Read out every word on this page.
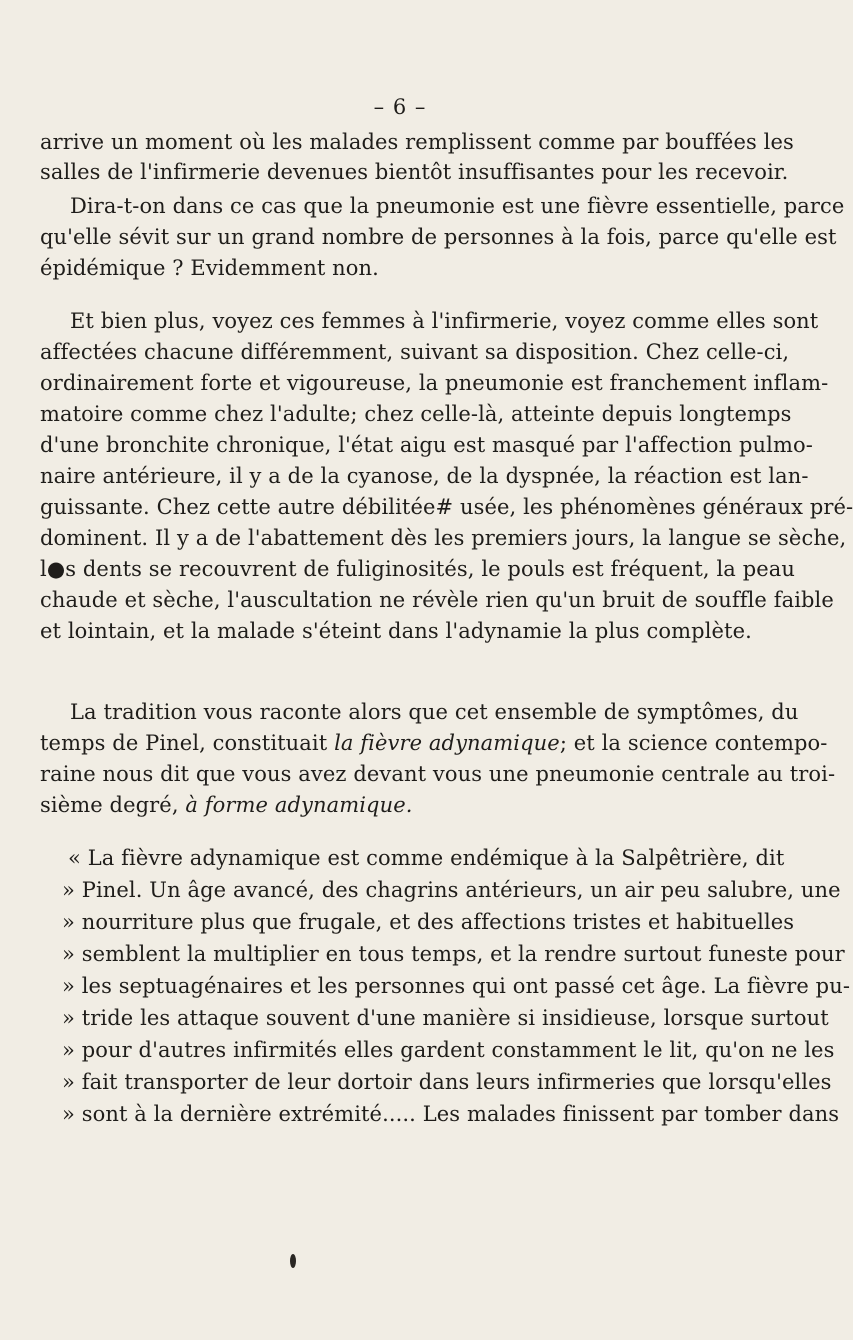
– 6 –
arrive un moment où les malades remplissent comme par bouffées les
salles de l'infirmerie devenues bientôt insuffisantes pour les recevoir.
Dira-t-on dans ce cas que la pneumonie est une fièvre essentielle, parce
qu'elle sévit sur un grand nombre de personnes à la fois, parce qu'elle est
épidémique ? Evidemment non.
Et bien plus, voyez ces femmes à l'infirmerie, voyez comme elles sont
affectées chacune différemment, suivant sa disposition. Chez celle-ci,
ordinairement forte et vigoureuse, la pneumonie est franchement inflam-
matoire comme chez l'adulte; chez celle-là, atteinte depuis longtemps
d'une bronchite chronique, l'état aigu est masqué par l'affection pulmo-
naire antérieure, il y a de la cyanose, de la dyspnée, la réaction est lan-
guissante. Chez cette autre débilitée# usée, les phénomènes généraux pré-
dominent. Il y a de l'abattement dès les premiers jours, la langue se sèche,
l●s dents se recouvrent de fuliginosités, le pouls est fréquent, la peau
chaude et sèche, l'auscultation ne révèle rien qu'un bruit de souffle faible
et lointain, et la malade s'éteint dans l'adynamie la plus complète.
La tradition vous raconte alors que cet ensemble de symptômes, du
temps de Pinel, constituait la fièvre adynamique; et la science contempo-
raine nous dit que vous avez devant vous une pneumonie centrale au troi-
sième degré, à forme adynamique.
« La fièvre adynamique est comme endémique à la Salpêtrière, dit
» Pinel. Un âge avancé, des chagrins antérieurs, un air peu salubre, une
» nourriture plus que frugale, et des affections tristes et habituelles
» semblent la multiplier en tous temps, et la rendre surtout funeste pour
» les septuagénaires et les personnes qui ont passé cet âge. La fièvre pu-
» tride les attaque souvent d'une manière si insidieuse, lorsque surtout
» pour d'autres infirmités elles gardent constamment le lit, qu'on ne les
» fait transporter de leur dortoir dans leurs infirmeries que lorsqu'elles
» sont à la dernière extrémité..... Les malades finissent par tomber dans
